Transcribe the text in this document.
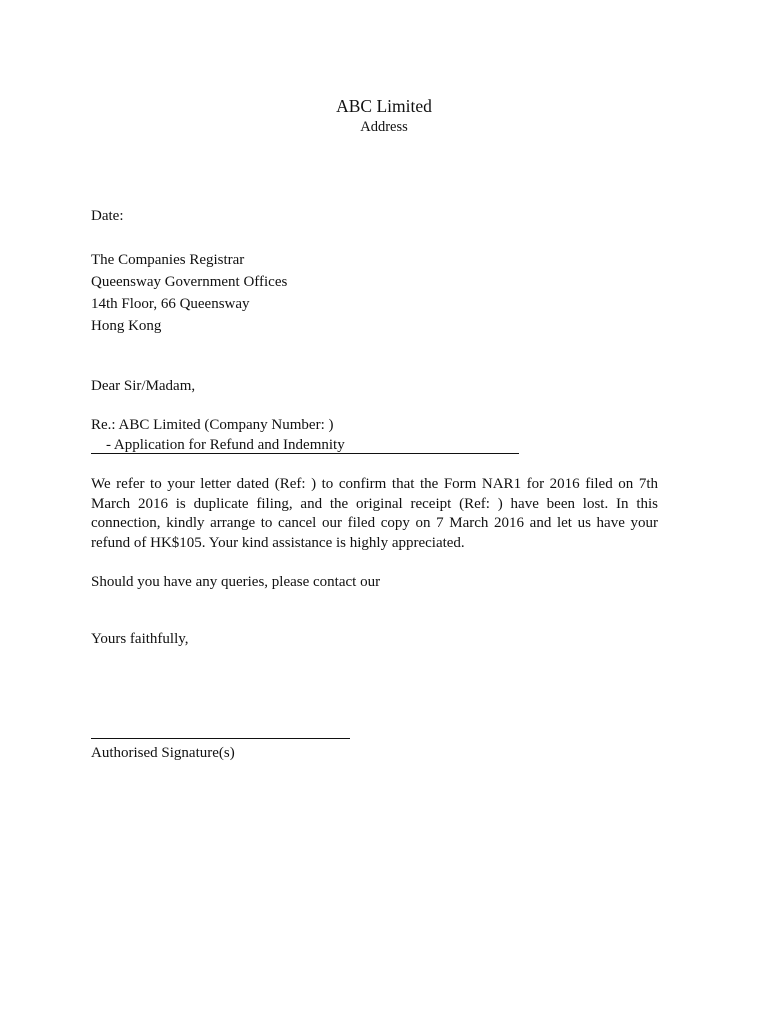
ABC Limited
Address
Date:
The Companies Registrar
Queensway Government Offices
14th Floor, 66 Queensway
Hong Kong
Dear Sir/Madam,
Re.: ABC Limited (Company Number: )
- Application for Refund and Indemnity
We refer to your letter dated (Ref: ) to confirm that the Form NAR1 for 2016 filed on 7th March 2016 is duplicate filing, and the original receipt (Ref: ) have been lost. In this connection, kindly arrange to cancel our filed copy on 7 March 2016 and let us have your refund of HK$105. Your kind assistance is highly appreciated.
Should you have any queries, please contact our
Yours faithfully,
Authorised Signature(s)
